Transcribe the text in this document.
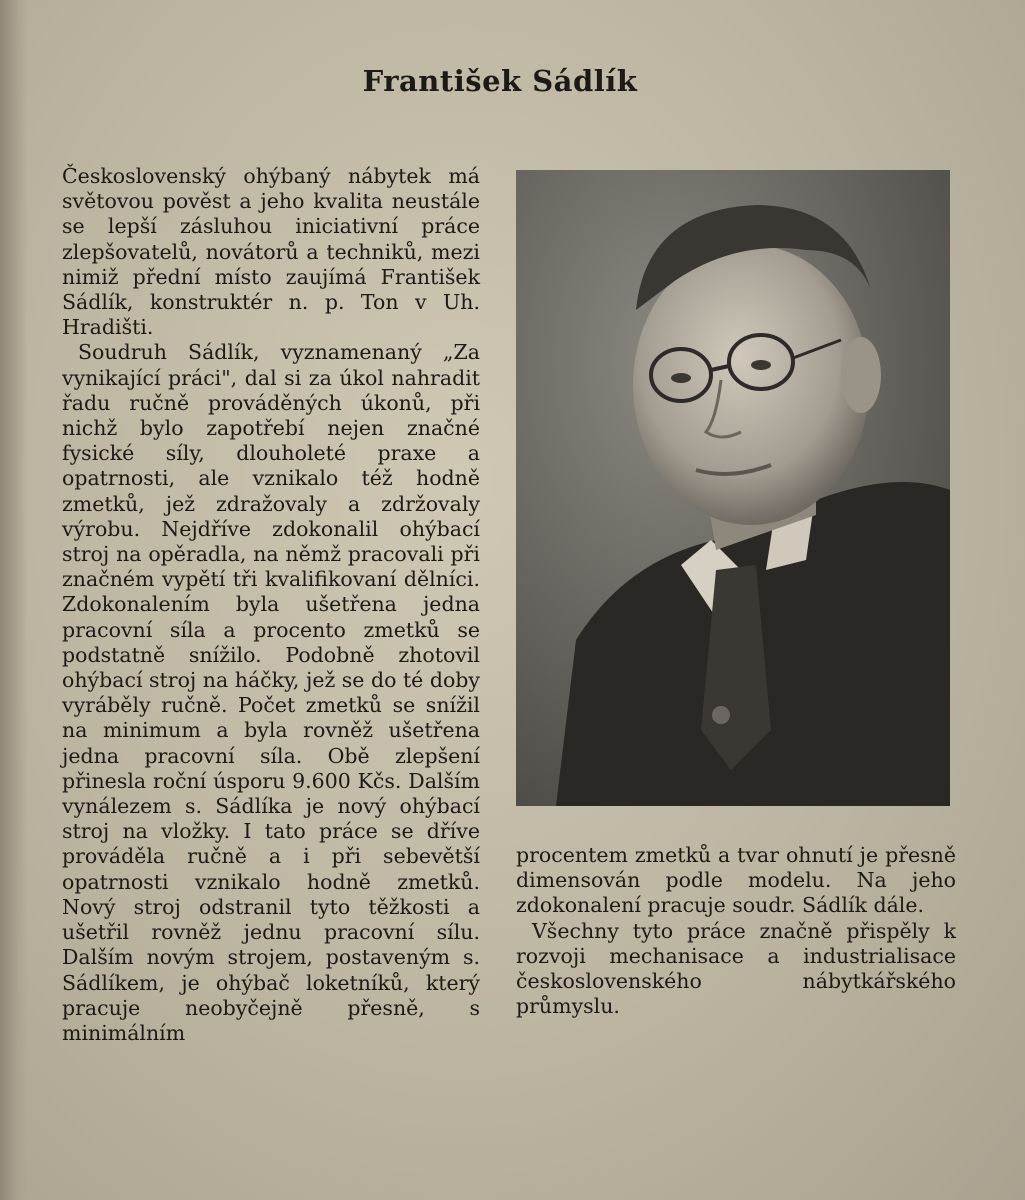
František Sádlík

Československý ohýbaný nábytek má světovou pověst a jeho kvalita neustále se lepší zásluhou iniciativní práce zlepšovatelů, novátorů a techniků, mezi nimiž přední místo zaujímá František Sádlík, konstruktér n. p. Ton v Uh. Hradišti.

Soudruh Sádlík, vyznamenaný „Za vynikající práci", dal si za úkol nahradit řadu ručně prováděných úkonů, při nichž bylo zapotřebí nejen značné fysické síly, dlouholeté praxe a opatrnosti, ale vznikalo též hodně zmetků, jež zdražovaly a zdržovaly výrobu. Nejdříve zdokonalil ohýbací stroj na opěradla, na němž pracovali při značném vypětí tři kvalifikovaní dělníci. Zdokonalením byla ušetřena jedna pracovní síla a procento zmetků se podstatně snížilo. Podobně zhotovil ohýbací stroj na háčky, jež se do té doby vyráběly ručně. Počet zmetků se snížil na minimum a byla rovněž ušetřena jedna pracovní síla. Obě zlepšení přinesla roční úsporu 9.600 Kčs. Dalším vynálezem s. Sádlíka je nový ohýbací stroj na vložky. I tato práce se dříve prováděla ručně a i při sebevětší opatrnosti vznikalo hodně zmetků. Nový stroj odstranil tyto těžkosti a ušetřil rovněž jednu pracovní sílu. Dalším novým strojem, postaveným s. Sádlíkem, je ohýbač loketníků, který pracuje neobyčejně přesně, s minimálním

procentem zmetků a tvar ohnutí je přesně dimensován podle modelu. Na jeho zdokonalení pracuje soudr. Sádlík dále.

Všechny tyto práce značně přispěly k rozvoji mechanisace a industrialisace československého nábytkářského průmyslu.
